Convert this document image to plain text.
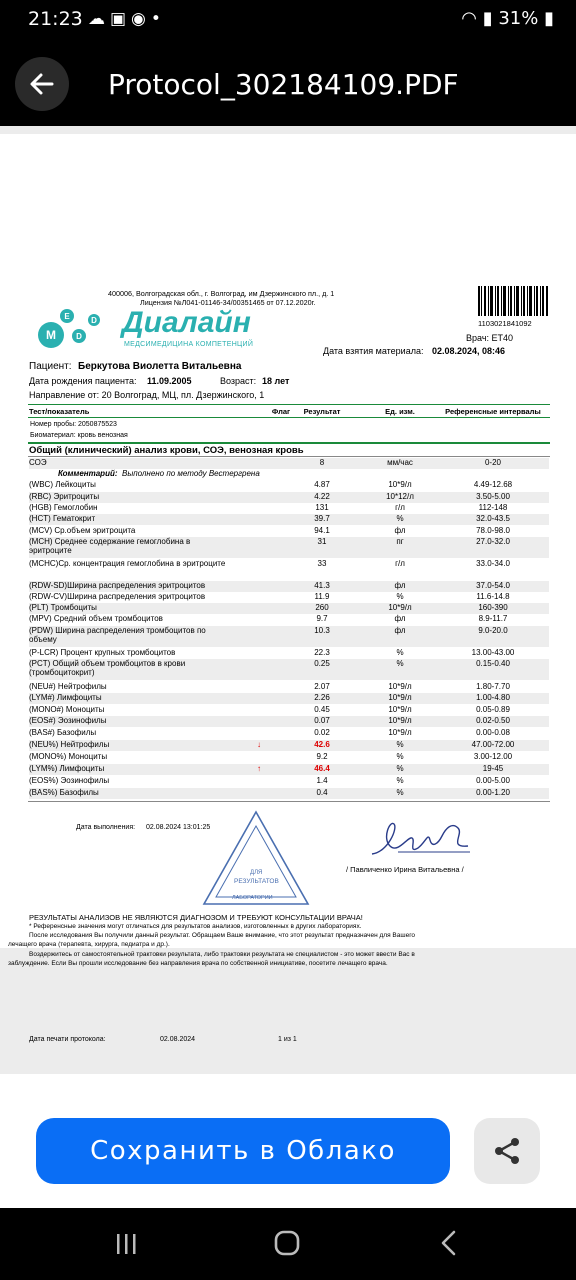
21:23 ☁▣◉•	◠ ▮ 31% ▮
Protocol_302184109.PDF
400006, Волгоградская обл., г. Волгоград, им Дзержинского пл., д. 1
Лицензия №Л041-01146-34/00351465 от 07.12.2020г.
M
E
D
D Диалайн
МЕДСИМЕДИЦИНА КОМПЕТЕНЦИЙ
1103021841092
Врач: ET40
Дата взятия материала: 02.08.2024, 08:46
Пациент: Беркутова Виолетта Витальевна
Дата рождения пациента: 11.09.2005	Возраст: 18 лет
Направление от: 20 Волгоград, МЦ, пл. Дзержинского, 1
Тест/показатель	Флаг	Результат	Ед. изм.	Референсные интервалы
Номер пробы: 2050875523
Биоматериал: кровь венозная
Общий (клинический) анализ крови, СОЭ, венозная кровь
СОЭ	8	мм/час	0-20
(WBC) Лейкоциты	4.87	10*9/л	4.49-12.68
(RBC) Эритроциты	4.22	10*12/л	3.50-5.00
(HGB) Гемоглобин	131	г/л	112-148
(HCT) Гематокрит	39.7	%	32.0-43.5
(MCV) Ср.объем эритроцита	94.1	фл	78.0-98.0
(MCH) Среднее содержание гемоглобина в эритроците
31	пг	27.0-32.0
(MCHC)Ср. концентрация гемоглобина в эритроците	33	г/л	33.0-34.0
(RDW-SD)Ширина распределения эритроцитов	41.3	фл	37.0-54.0
(RDW-CV)Ширина распределения эритроцитов	11.9	%	11.6-14.8
(PLT) Тромбоциты	260	10*9/л	160-390
(MPV) Средний объем тромбоцитов	9.7	фл	8.9-11.7
(PDW) Ширина распределения тромбоцитов по объему
10.3	фл	9.0-20.0
(P-LCR) Процент крупных тромбоцитов	22.3	%	13.00-43.00
(PCT) Общий объем тромбоцитов в крови (тромбоцитокрит)
0.25	%	0.15-0.40
(NEU#) Нейтрофилы	2.07	10*9/л	1.80-7.70
(LYM#) Лимфоциты	2.26	10*9/л	1.00-4.80
(MONO#) Моноциты	0.45	10*9/л	0.05-0.89
(EOS#) Эозинофилы	0.07	10*9/л	0.02-0.50
(BAS#) Базофилы	0.02	10*9/л	0.00-0.08
(NEU%) Нейтрофилы	↓	42.6	%	47.00-72.00
(MONO%) Моноциты	9.2	%	3.00-12.00
(LYM%) Лимфоциты	↑	46.4	%	19-45
(EOS%) Эозинофилы	1.4	%	0.00-5.00
(BAS%) Базофилы	0.4	%	0.00-1.20
Комментарий: Выполнено по методу Вестергрена
Дата выполнения: 02.08.2024 13:01:25
ДЛЯ
РЕЗУЛЬТАТОВ
ЛАБОРАТОРИИ
/ Павличенко Ирина Витальевна /
РЕЗУЛЬТАТЫ АНАЛИЗОВ НЕ ЯВЛЯЮТСЯ ДИАГНОЗОМ И ТРЕБУЮТ КОНСУЛЬТАЦИИ ВРАЧА!
* Референсные значения могут отличаться для результатов анализов, изготовленных в других лабораториях.
После исследования Вы получили данный результат. Обращаем Ваше внимание, что этот результат предназначен для Вашего
лечащего врача (терапевта, хирурга, педиатра и др.).
Воздержитесь от самостоятельной трактовки результата, либо трактовки результата не специалистом - это может ввести Вас в
заблуждение. Если Вы прошли исследование без направления врача по собственной инициативе, посетите лечащего врача.
Дата печати протокола:	02.08.2024	1 из 1
Сохранить в Облако
